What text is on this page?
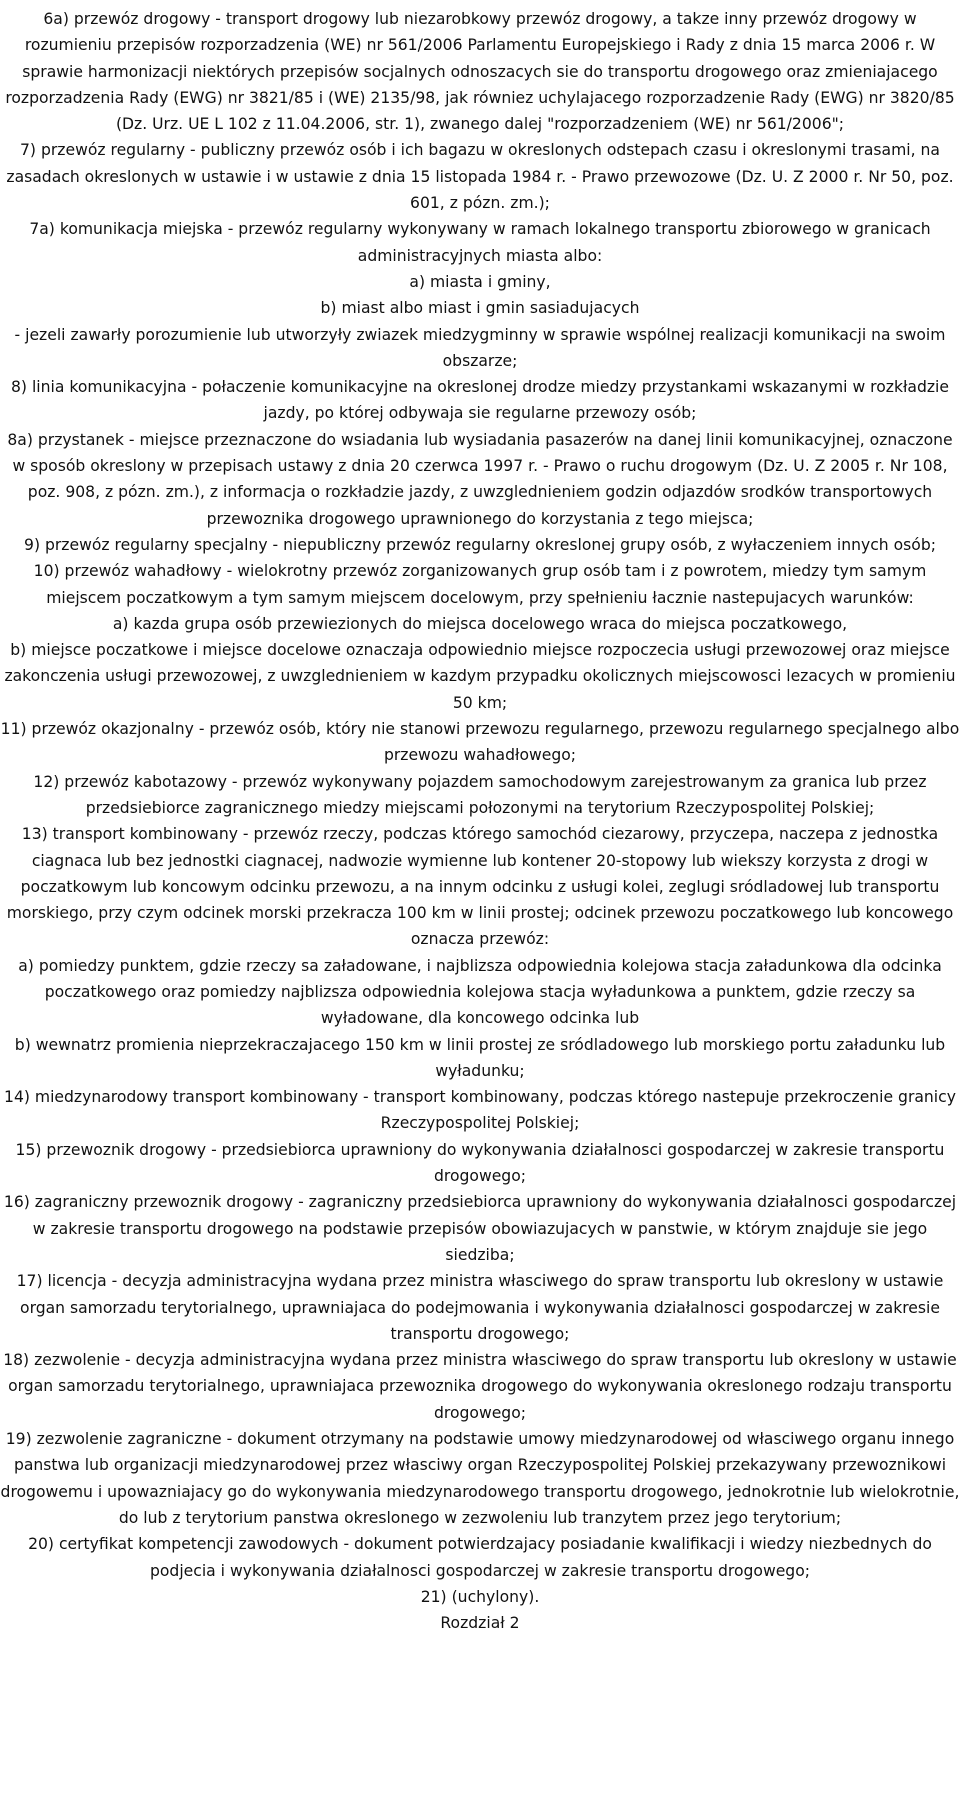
6a) przewóz drogowy - transport drogowy lub niezarobkowy przewóz drogowy, a takze inny przewóz drogowy w rozumieniu przepisów rozporzadzenia (WE) nr 561/2006 Parlamentu Europejskiego i Rady z dnia 15 marca 2006 r. W sprawie harmonizacji niektórych przepisów socjalnych odnoszacych sie do transportu drogowego oraz zmieniajacego rozporzadzenia Rady (EWG) nr 3821/85 i (WE) 2135/98, jak równiez uchylajacego rozporzadzenie Rady (EWG) nr 3820/85 (Dz. Urz. UE L 102 z 11.04.2006, str. 1), zwanego dalej "rozporzadzeniem (WE) nr 561/2006";

7) przewóz regularny - publiczny przewóz osób i ich bagazu w okreslonych odstepach czasu i okreslonymi trasami, na zasadach okreslonych w ustawie i w ustawie z dnia 15 listopada 1984 r. - Prawo przewozowe (Dz. U. Z 2000 r. Nr 50, poz. 601, z pózn. zm.);

7a) komunikacja miejska - przewóz regularny wykonywany w ramach lokalnego transportu zbiorowego w granicach administracyjnych miasta albo:

a) miasta i gminy,

b) miast albo miast i gmin sasiadujacych

- jezeli zawarły porozumienie lub utworzyły zwiazek miedzygminny w sprawie wspólnej realizacji komunikacji na swoim obszarze;

8) linia komunikacyjna - połaczenie komunikacyjne na okreslonej drodze miedzy przystankami wskazanymi w rozkładzie jazdy, po której odbywaja sie regularne przewozy osób;

8a) przystanek - miejsce przeznaczone do wsiadania lub wysiadania pasazerów na danej linii komunikacyjnej, oznaczone w sposób okreslony w przepisach ustawy z dnia 20 czerwca 1997 r. - Prawo o ruchu drogowym (Dz. U. Z 2005 r. Nr 108, poz. 908, z pózn. zm.), z informacja o rozkładzie jazdy, z uwzglednieniem godzin odjazdów srodków transportowych przewoznika drogowego uprawnionego do korzystania z tego miejsca;

9) przewóz regularny specjalny - niepubliczny przewóz regularny okreslonej grupy osób, z wyłaczeniem innych osób;

10) przewóz wahadłowy - wielokrotny przewóz zorganizowanych grup osób tam i z powrotem, miedzy tym samym miejscem poczatkowym a tym samym miejscem docelowym, przy spełnieniu łacznie nastepujacych warunków:

a) kazda grupa osób przewiezionych do miejsca docelowego wraca do miejsca poczatkowego,

b) miejsce poczatkowe i miejsce docelowe oznaczaja odpowiednio miejsce rozpoczecia usługi przewozowej oraz miejsce zakonczenia usługi przewozowej, z uwzglednieniem w kazdym przypadku okolicznych miejscowosci lezacych w promieniu 50 km;

11) przewóz okazjonalny - przewóz osób, który nie stanowi przewozu regularnego, przewozu regularnego specjalnego albo przewozu wahadłowego;

12) przewóz kabotazowy - przewóz wykonywany pojazdem samochodowym zarejestrowanym za granica lub przez przedsiebiorce zagranicznego miedzy miejscami połozonymi na terytorium Rzeczypospolitej Polskiej;

13) transport kombinowany - przewóz rzeczy, podczas którego samochód ciezarowy, przyczepa, naczepa z jednostka ciagnaca lub bez jednostki ciagnacej, nadwozie wymienne lub kontener 20-stopowy lub wiekszy korzysta z drogi w poczatkowym lub koncowym odcinku przewozu, a na innym odcinku z usługi kolei, zeglugi sródladowej lub transportu morskiego, przy czym odcinek morski przekracza 100 km w linii prostej; odcinek przewozu poczatkowego lub koncowego oznacza przewóz:

a) pomiedzy punktem, gdzie rzeczy sa załadowane, i najblizsza odpowiednia kolejowa stacja załadunkowa dla odcinka poczatkowego oraz pomiedzy najblizsza odpowiednia kolejowa stacja wyładunkowa a punktem, gdzie rzeczy sa wyładowane, dla koncowego odcinka lub

b) wewnatrz promienia nieprzekraczajacego 150 km w linii prostej ze sródladowego lub morskiego portu załadunku lub wyładunku;

14) miedzynarodowy transport kombinowany - transport kombinowany, podczas którego nastepuje przekroczenie granicy Rzeczypospolitej Polskiej;

15) przewoznik drogowy - przedsiebiorca uprawniony do wykonywania działalnosci gospodarczej w zakresie transportu drogowego;

16) zagraniczny przewoznik drogowy - zagraniczny przedsiebiorca uprawniony do wykonywania działalnosci gospodarczej w zakresie transportu drogowego na podstawie przepisów obowiazujacych w panstwie, w którym znajduje sie jego siedziba;

17) licencja - decyzja administracyjna wydana przez ministra własciwego do spraw transportu lub okreslony w ustawie organ samorzadu terytorialnego, uprawniajaca do podejmowania i wykonywania działalnosci gospodarczej w zakresie transportu drogowego;

18) zezwolenie - decyzja administracyjna wydana przez ministra własciwego do spraw transportu lub okreslony w ustawie organ samorzadu terytorialnego, uprawniajaca przewoznika drogowego do wykonywania okreslonego rodzaju transportu drogowego;

19) zezwolenie zagraniczne - dokument otrzymany na podstawie umowy miedzynarodowej od własciwego organu innego panstwa lub organizacji miedzynarodowej przez własciwy organ Rzeczypospolitej Polskiej przekazywany przewoznikowi drogowemu i upowazniajacy go do wykonywania miedzynarodowego transportu drogowego, jednokrotnie lub wielokrotnie, do lub z terytorium panstwa okreslonego w zezwoleniu lub tranzytem przez jego terytorium;

20) certyfikat kompetencji zawodowych - dokument potwierdzajacy posiadanie kwalifikacji i wiedzy niezbednych do podjecia i wykonywania działalnosci gospodarczej w zakresie transportu drogowego;

21) (uchylony).

Rozdział 2
